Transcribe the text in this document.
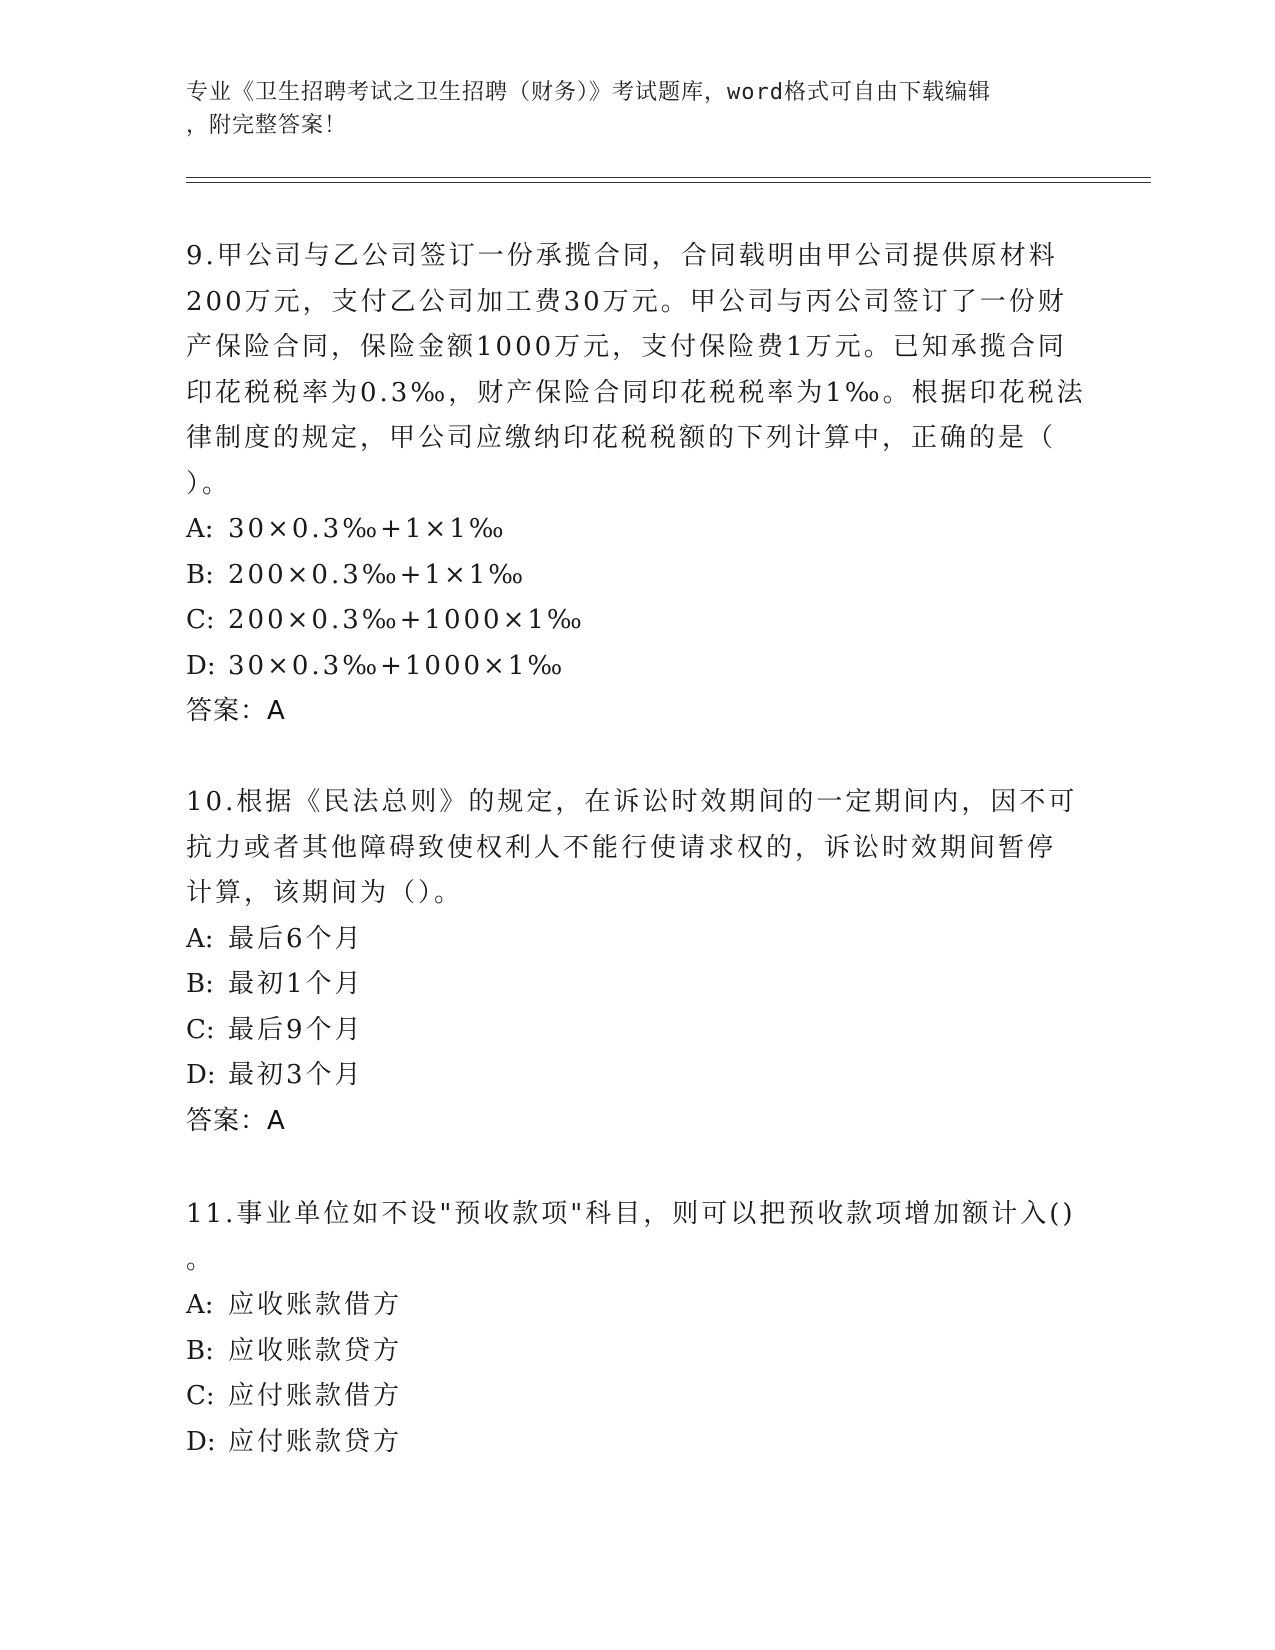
专业《卫生招聘考试之卫生招聘（财务）》考试题库，word格式可自由下载编辑
，附完整答案！
9.甲公司与乙公司签订一份承揽合同，合同载明由甲公司提供原材料
200万元，支付乙公司加工费30万元。甲公司与丙公司签订了一份财
产保险合同，保险金额1000万元，支付保险费1万元。已知承揽合同
印花税税率为0.3‰，财产保险合同印花税税率为1‰。根据印花税法
律制度的规定，甲公司应缴纳印花税税额的下列计算中，正确的是（
）。
A: 30×0.3‰+1×1‰
B: 200×0.3‰+1×1‰
C: 200×0.3‰+1000×1‰
D: 30×0.3‰+1000×1‰
答案：A
10.根据《民法总则》的规定，在诉讼时效期间的一定期间内，因不可
抗力或者其他障碍致使权利人不能行使请求权的，诉讼时效期间暂停
计算，该期间为（）。
A: 最后6个月
B: 最初1个月
C: 最后9个月
D: 最初3个月
答案：A
11.事业单位如不设"预收款项"科目，则可以把预收款项增加额计入()
。
A: 应收账款借方
B: 应收账款贷方
C: 应付账款借方
D: 应付账款贷方
